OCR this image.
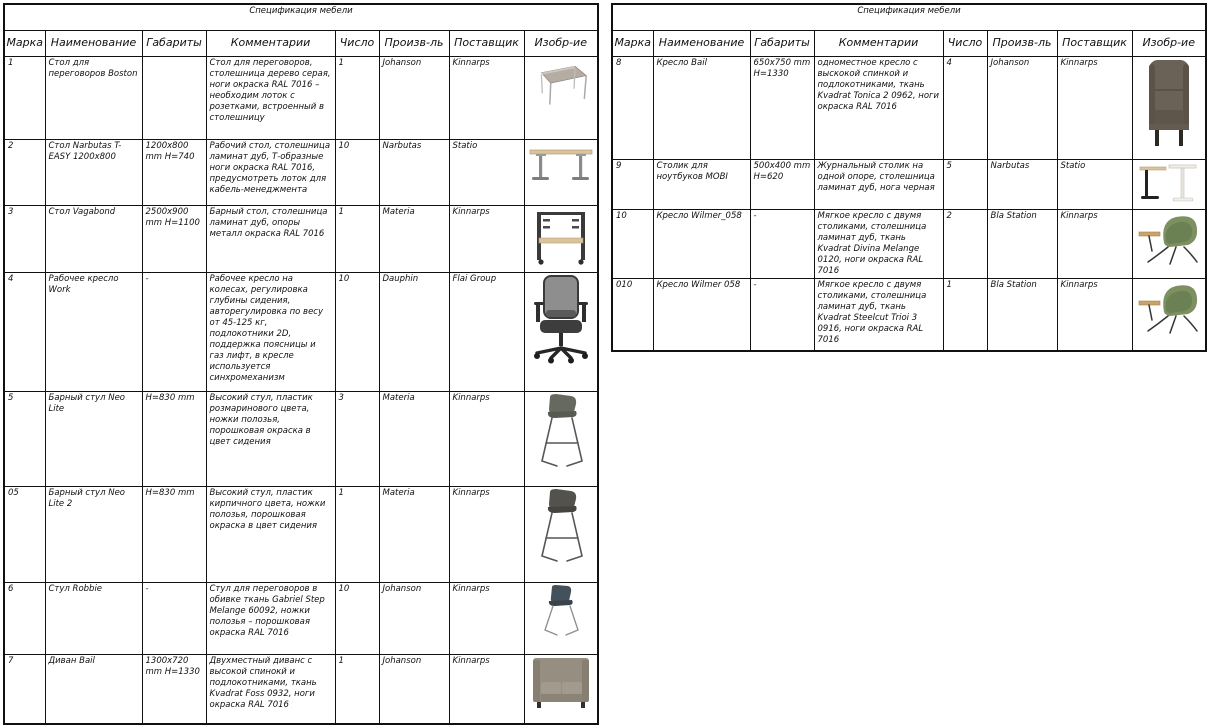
Спецификация мебели							
Марка	Наименование	Габариты	Комментарии	Число	Произв-ль	Поставщик	Изобр-ие
1	Стол для переговоров Boston		Стол для переговоров, столешница дерево серая, ноги окраска RAL 7016 – необходим лоток с розетками, встроенный в столешницу	1	Johanson	Kinnarps	
2	Стол Narbutas T-EASY 1200x800	1200x800 mm H=740	Рабочий стол, столешница ламинат дуб, Т-образные ноги окраска RAL 7016, предусмотреть лоток для кабель-менеджмента	10	Narbutas	Statio	
3	Стол Vagabond	2500x900 mm H=1100	Барный стол, столешница ламинат дуб, опоры металл окраска RAL 7016	1	Materia	Kinnarps	
4	Рабочее кресло Work	-	Рабочее кресло на колесах, регулировка глубины сидения, авторегулировка по весу от 45-125 кг, подлокотники 2D, поддержка поясницы и газ лифт, в кресле используется синхромеханизм	10	Dauphin	Flai Group	
5	Барный стул Neo Lite	H=830 mm	Высокий стул, пластик розмаринового цвета, ножки полозья, порошковая окраска в цвет сидения	3	Materia	Kinnarps	
05	Барный стул Neo Lite 2	H=830 mm	Высокий стул, пластик кирпичного цвета, ножки полозья, порошковая окраска в цвет сидения	1	Materia	Kinnarps	
6	Стул Robbie	-	Стул для переговоров в обивке ткань Gabriel Step Melange 60092, ножки полозья – порошковая окраска RAL 7016	10	Johanson	Kinnarps	
7	Диван Bail	1300x720 mm H=1330	Двухместный диванс с высокой спинокй и подлокотниками, ткань Kvadrat Foss 0932, ноги окраска RAL 7016	1	Johanson	Kinnarps	
Спецификация мебели							
Марка	Наименование	Габариты	Комментарии	Число	Произв-ль	Поставщик	Изобр-ие
8	Кресло Bail	650x750 mm H=1330	одноместное кресло с выскокой спинкой и подлокотниками, ткань Kvadrat Tonica 2 0962, ноги окраска RAL 7016	4	Johanson	Kinnarps	
9	Столик для ноутбуков MOBI	500x400 mm H=620	Журнальный столик на одной опоре, столешница ламинат дуб, нога черная	5	Narbutas	Statio	
10	Кресло Wilmer_058	-	Мягкое кресло с двумя столиками, столешница ламинат дуб, ткань Kvadrat Divina Melange 0120, ноги окраска RAL 7016	2	Bla Station	Kinnarps	
010	Кресло Wilmer 058	-	Мягкое кресло с двумя столиками, столешница ламинат дуб, ткань Kvadrat Steelcut Trioi 3 0916, ноги окраска RAL 7016	1	Bla Station	Kinnarps	
